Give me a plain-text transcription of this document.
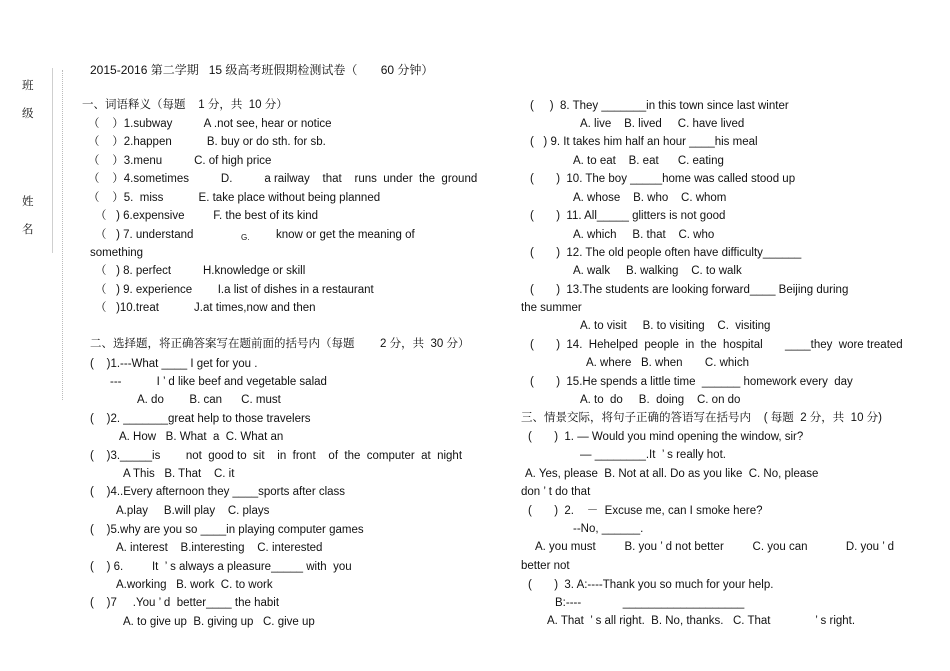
班
级
姓
名
2015-2016 第二学期   15 级高考班假期检测试卷（       60 分钟）
一、词语释义（每题    1 分，共  10 分）
（    ）1.subway          A .not see, hear or notice
（    ）2.happen           B. buy or do sth. for sb.
（    ）3.menu          C. of high price
（    ）4.sometimes          D.          a railway    that    runs  under  the  ground
（    ）5.  miss           E. take place without being planned
（   ) 6.expensive         F. the best of its kind
（   ) 7. understand	G. know or get the meaning of
something
（   ) 8. perfect          H.knowledge or skill
（   ) 9. experience        I.a list of dishes in a restaurant
（   )10.treat           J.at times,now and then
二、选择题，将正确答案写在题前面的括号内（每题        2 分，共  30 分）
(    )1.---What ____ I get for you .
---           I ’ d like beef and vegetable salad
A. do        B. can      C. must
(    )2. _______great help to those travelers
A. How   B. What  a  C. What an
(    )3._____is        not  good to  sit    in  front    of  the  computer  at  night
A This   B. That    C. it
(    )4..Every afternoon they ____sports after class
A.play     B.will play    C. plays
(    )5.why are you so ____in playing computer games
A. interest    B.interesting    C. interested
(    ) 6.         It  ’ s always a pleasure_____ with  you
A.working   B. work  C. to work
(    )7     .You ’ d  better____ the habit
A. to give up  B. giving up   C. give up
(     )  8. They _______in this town since last winter
A. live    B. lived     C. have lived
(   ) 9. It takes him half an hour ____his meal
A. to eat    B. eat      C. eating
(       )  10. The boy _____home was called stood up
A. whose    B. who    C. whom
(       )  11. All_____ glitters is not good
A. which     B. that    C. who
(       )  12. The old people often have difficulty______
A. walk     B. walking    C. to walk
(       )  13.The students are looking forward____ Beijing during
the summer
A. to visit     B. to visiting    C.  visiting
(       )  14.  Hehelped  people  in  the  hospital       ____they  wore treated
A. where   B. when       C. which
(       )  15.He spends a little time  ______ homework every  day
A. to  do     B.  doing    C. on do
三、情景交际，将句子正确的答语写在括号内    ( 每题  2 分，共  10 分)
(       )  1. — Would you mind opening the window, sir?
— ________.It  ’ s really hot.
A. Yes, please  B. Not at all. Do as you like  C. No, please
don ’ t do that
(       )  2.    －  Excuse me, can I smoke here?
--No, ______.
A. you must         B. you ’ d not better         C. you can            D. you ’ d
better not
(       )  3. A:----Thank you so much for your help.
B:----             ___________________
A. That  ’ s all right.  B. No, thanks.   C. That              ’ s right.
